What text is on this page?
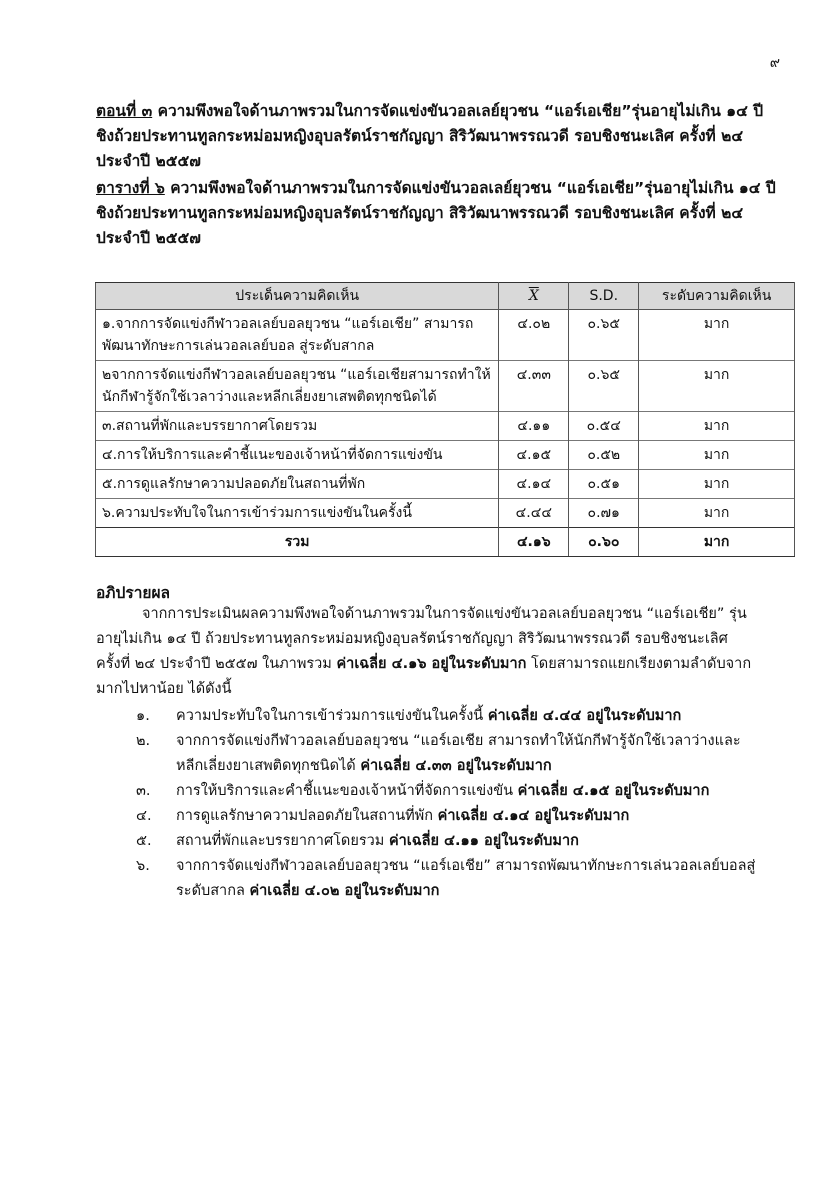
๙
ตอนที่ ๓ ความพึงพอใจด้านภาพรวมในการจัดแข่งขันวอลเลย์ยุวชน “แอร์เอเชีย”รุ่นอายุไม่เกิน ๑๔ ปี ชิงถ้วยประทานทูลกระหม่อมหญิงอุบลรัตน์ราชกัญญา สิริวัฒนาพรรณวดี รอบชิงชนะเลิศ ครั้งที่ ๒๔ ประจำปี ๒๕๕๗
ตารางที่ ๖ ความพึงพอใจด้านภาพรวมในการจัดแข่งขันวอลเลย์ยุวชน “แอร์เอเชีย”รุ่นอายุไม่เกิน ๑๔ ปี ชิงถ้วยประทานทูลกระหม่อมหญิงอุบลรัตน์ราชกัญญา สิริวัฒนาพรรณวดี รอบชิงชนะเลิศ ครั้งที่ ๒๔ ประจำปี ๒๕๕๗
ประเด็นความคิดเห็น	$\overline{X}$	S.D.	ระดับความคิดเห็น
๑.จากการจัดแข่งกีฬาวอลเลย์บอลยุวชน “แอร์เอเชีย” สามารถพัฒนาทักษะการเล่นวอลเลย์บอล สู่ระดับสากล	๔.๐๒	๐.๖๕	มาก
๒จากการจัดแข่งกีฬาวอลเลย์บอลยุวชน “แอร์เอเชียสามารถทำให้นักกีฬารู้จักใช้เวลาว่างและหลีกเลี่ยงยาเสพติดทุกชนิดได้	๔.๓๓	๐.๖๕	มาก
๓.สถานที่พักและบรรยากาศโดยรวม	๔.๑๑	๐.๕๔	มาก
๔.การให้บริการและคำชี้แนะของเจ้าหน้าที่จัดการแข่งขัน	๔.๑๕	๐.๕๒	มาก
๕.การดูแลรักษาความปลอดภัยในสถานที่พัก	๔.๑๔	๐.๕๑	มาก
๖.ความประทับใจในการเข้าร่วมการแข่งขันในครั้งนี้	๔.๔๔	๐.๗๑	มาก
รวม	๔.๑๖	๐.๖๐	มาก
อภิปรายผล
จากการประเมินผลความพึงพอใจด้านภาพรวมในการจัดแข่งขันวอลเลย์บอลยุวชน “แอร์เอเชีย” รุ่นอายุไม่เกิน ๑๔ ปี ถ้วยประทานทูลกระหม่อมหญิงอุบลรัตน์ราชกัญญา สิริวัฒนาพรรณวดี รอบชิงชนะเลิศ ครั้งที่ ๒๔ ประจำปี ๒๕๕๗ ในภาพรวม ค่าเฉลี่ย ๔.๑๖ อยู่ในระดับมาก โดยสามารถแยกเรียงตามลำดับจากมากไปหาน้อย ได้ดังนี้
๑. ความประทับใจในการเข้าร่วมการแข่งขันในครั้งนี้ ค่าเฉลี่ย ๔.๔๔ อยู่ในระดับมาก
๒. จากการจัดแข่งกีฬาวอลเลย์บอลยุวชน “แอร์เอเชีย สามารถทำให้นักกีฬารู้จักใช้เวลาว่างและหลีกเลี่ยงยาเสพติดทุกชนิดได้ ค่าเฉลี่ย ๔.๓๓ อยู่ในระดับมาก
๓. การให้บริการและคำชี้แนะของเจ้าหน้าที่จัดการแข่งขัน ค่าเฉลี่ย ๔.๑๕ อยู่ในระดับมาก
๔. การดูแลรักษาความปลอดภัยในสถานที่พัก ค่าเฉลี่ย ๔.๑๔ อยู่ในระดับมาก
๕. สถานที่พักและบรรยากาศโดยรวม ค่าเฉลี่ย ๔.๑๑ อยู่ในระดับมาก
๖. จากการจัดแข่งกีฬาวอลเลย์บอลยุวชน “แอร์เอเชีย” สามารถพัฒนาทักษะการเล่นวอลเลย์บอลสู่ระดับสากล ค่าเฉลี่ย ๔.๐๒ อยู่ในระดับมาก
